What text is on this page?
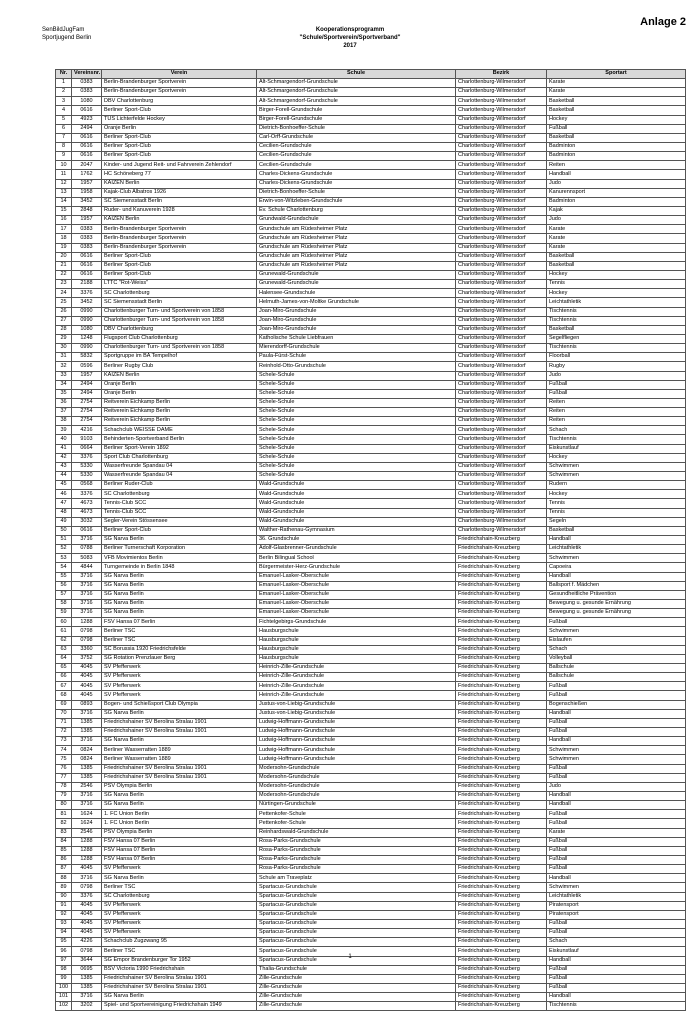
SenBildJugFam
Sportjugend Berlin
Kooperationsprogramm
"Schule/Sportverein/Sportverband"
2017
Anlage 2
Nr.	Vereinsnr.	Verein	Schule	Bezirk	Sportart
1	0383	Berlin-Brandenburger Sportverein	Alt-Schmargendorf-Grundschule	Charlottenburg-Wilmersdorf	Karate
2	0383	Berlin-Brandenburger Sportverein	Alt-Schmargendorf-Grundschule	Charlottenburg-Wilmersdorf	Karate
3	1080	DBV Charlottenburg	Alt-Schmargendorf-Grundschule	Charlottenburg-Wilmersdorf	Basketball
4	0616	Berliner Sport-Club	Birger-Forell-Grundschule	Charlottenburg-Wilmersdorf	Basketball
5	4923	TUS Lichterfelde Hockey	Birger-Forell-Grundschule	Charlottenburg-Wilmersdorf	Hockey
6	2494	Oranje Berlin	Dietrich-Bonhoeffer-Schule	Charlottenburg-Wilmersdorf	Fußball
7	0616	Berliner Sport-Club	Carl-Orff-Grundschule	Charlottenburg-Wilmersdorf	Basketball
8	0616	Berliner Sport-Club	Cecilien-Grundschule	Charlottenburg-Wilmersdorf	Badminton
9	0616	Berliner Sport-Club	Cecilien-Grundschule	Charlottenburg-Wilmersdorf	Badminton
10	2047	Kinder- und Jugend Reit- und Fahrverein Zehlendorf	Cecilien-Grundschule	Charlottenburg-Wilmersdorf	Reiten
11	1762	HC Schöneberg 77	Charles-Dickens-Grundschule	Charlottenburg-Wilmersdorf	Handball
12	1957	KAIZEN Berlin	Charles-Dickens-Grundschule	Charlottenburg-Wilmersdorf	Judo
13	1958	Kajak-Club Albatros 1926	Dietrich-Bonhoeffer-Schule	Charlottenburg-Wilmersdorf	Kanurennsport
14	3452	SC Siemensstadt Berlin	Erwin-von-Witzleben-Grundschule	Charlottenburg-Wilmersdorf	Badminton
15	2848	Ruder- und Kanuverein 1928	Ev. Schule Charlottenburg	Charlottenburg-Wilmersdorf	Kajak
16	1957	KAIZEN Berlin	Grundwald-Grundschule	Charlottenburg-Wilmersdorf	Judo
17	0383	Berlin-Brandenburger Sportverein	Grundschule am Rüdesheimer Platz	Charlottenburg-Wilmersdorf	Karate
18	0383	Berlin-Brandenburger Sportverein	Grundschule am Rüdesheimer Platz	Charlottenburg-Wilmersdorf	Karate
19	0383	Berlin-Brandenburger Sportverein	Grundschule am Rüdesheimer Platz	Charlottenburg-Wilmersdorf	Karate
20	0616	Berliner Sport-Club	Grundschule am Rüdesheimer Platz	Charlottenburg-Wilmersdorf	Basketball
21	0616	Berliner Sport-Club	Grundschule am Rüdesheimer Platz	Charlottenburg-Wilmersdorf	Basketball
22	0616	Berliner Sport-Club	Grunewald-Grundschule	Charlottenburg-Wilmersdorf	Hockey
23	2188	LTTC "Rot-Weiss"	Grunewald-Grundschule	Charlottenburg-Wilmersdorf	Tennis
24	3376	SC Charlottenburg	Halensee-Grundschule	Charlottenburg-Wilmersdorf	Hockey
25	3452	SC Siemensstadt Berlin	Helmuth-James-von-Moltke Grundschule	Charlottenburg-Wilmersdorf	Leichtathletik
26	0990	Charlottenburger Turn- und Sportverein von 1858	Joan-Miro-Grundschule	Charlottenburg-Wilmersdorf	Tischtennis
27	0990	Charlottenburger Turn- und Sportverein von 1858	Joan-Miro-Grundschule	Charlottenburg-Wilmersdorf	Tischtennis
28	1080	DBV Charlottenburg	Joan-Miro-Grundschule	Charlottenburg-Wilmersdorf	Basketball
29	1248	Flugsport Club Charlottenburg	Katholische Schule Liebfrauen	Charlottenburg-Wilmersdorf	Segelfliegen
30	0990	Charlottenburger Turn- und Sportverein von 1858	Mierendorff-Grundschule	Charlottenburg-Wilmersdorf	Tischtennis
31	5832	Sportgruppe im BA Tempelhof	Paula-Fürst-Schule	Charlottenburg-Wilmersdorf	Floorball
32	0596	Berliner Rugby Club	Reinhold-Otto-Grundschule	Charlottenburg-Wilmersdorf	Rugby
33	1957	KAIZEN Berlin	Schele-Schule	Charlottenburg-Wilmersdorf	Judo
34	2494	Oranje Berlin	Schele-Schule	Charlottenburg-Wilmersdorf	Fußball
35	2494	Oranje Berlin	Schele-Schule	Charlottenburg-Wilmersdorf	Fußball
36	2754	Reitverein Eichkamp Berlin	Schele-Schule	Charlottenburg-Wilmersdorf	Reiten
37	2754	Reitverein Eichkamp Berlin	Schele-Schule	Charlottenburg-Wilmersdorf	Reiten
38	2754	Reitverein Eichkamp Berlin	Schele-Schule	Charlottenburg-Wilmersdorf	Reiten
39	4216	Schachclub WEISSE DAME	Schele-Schule	Charlottenburg-Wilmersdorf	Schach
40	9103	Behinderten-Sportverband Berlin	Schele-Schule	Charlottenburg-Wilmersdorf	Tischtennis
41	0664	Berliner Sport-Verein 1892	Schele-Schule	Charlottenburg-Wilmersdorf	Eiskunstlauf
42	3376	Sport Club Charlottenburg	Schele-Schule	Charlottenburg-Wilmersdorf	Hockey
43	5330	Wasserfreunde Spandau 04	Schele-Schule	Charlottenburg-Wilmersdorf	Schwimmen
44	5330	Wasserfreunde Spandau 04	Schele-Schule	Charlottenburg-Wilmersdorf	Schwimmen
45	0568	Berliner Ruder-Club	Wald-Grundschule	Charlottenburg-Wilmersdorf	Rudern
46	3376	SC Charlottenburg	Wald-Grundschule	Charlottenburg-Wilmersdorf	Hockey
47	4673	Tennis-Club SCC	Wald-Grundschule	Charlottenburg-Wilmersdorf	Tennis
48	4673	Tennis-Club SCC	Wald-Grundschule	Charlottenburg-Wilmersdorf	Tennis
49	3032	Segler-Verein Stössensee	Wald-Grundschule	Charlottenburg-Wilmersdorf	Segeln
50	0616	Berliner Sport-Club	Walther-Rathenau-Gymnasium	Charlottenburg-Wilmersdorf	Basketball
51	3716	SG Narva Berlin	36. Grundschule	Friedrichshain-Kreuzberg	Handball
52	0788	Berliner Turnerschaft Korporation	Adolf-Glasbrenner-Grundschule	Friedrichshain-Kreuzberg	Leichtathletik
53	5083	VFB Movimientos Berlin	Berlin Bilingual School	Friedrichshain-Kreuzberg	Schwimmen
54	4844	Turngemeinde in Berlin 1848	Bürgermeister-Herz-Grundschule	Friedrichshain-Kreuzberg	Capoeira
55	3716	SG Narva Berlin	Emanuel-Lasker-Oberschule	Friedrichshain-Kreuzberg	Handball
56	3716	SG Narva Berlin	Emanuel-Lasker-Oberschule	Friedrichshain-Kreuzberg	Ballsport f. Mädchen
57	3716	SG Narva Berlin	Emanuel-Lasker-Oberschule	Friedrichshain-Kreuzberg	Gesundheitliche Prävention
58	3716	SG Narva Berlin	Emanuel-Lasker-Oberschule	Friedrichshain-Kreuzberg	Bewegung u. gesunde Ernährung
59	3716	SG Narva Berlin	Emanuel-Lasker-Oberschule	Friedrichshain-Kreuzberg	Bewegung u. gesunde Ernährung
60	1288	FSV Hansa 07 Berlin	Fichtelgebirgs-Grundschule	Friedrichshain-Kreuzberg	Fußball
61	0798	Berliner TSC	Hausburgschule	Friedrichshain-Kreuzberg	Schwimmen
62	0798	Berliner TSC	Hausburgschule	Friedrichshain-Kreuzberg	Eislaufen
63	3360	SC Borussia 1920 Friedrichsfelde	Hausburgschule	Friedrichshain-Kreuzberg	Schach
64	3752	SG Rotation Prenzlauer Berg	Hausburgschule	Friedrichshain-Kreuzberg	Volleyball
65	4045	SV Pfefferwerk	Heinrich-Zille-Grundschule	Friedrichshain-Kreuzberg	Ballschule
66	4045	SV Pfefferwerk	Heinrich-Zille-Grundschule	Friedrichshain-Kreuzberg	Ballschule
67	4045	SV Pfefferwerk	Heinrich-Zille-Grundschule	Friedrichshain-Kreuzberg	Fußball
68	4045	SV Pfefferwerk	Heinrich-Zille-Grundschule	Friedrichshain-Kreuzberg	Fußball
69	0893	Bogen- und Schießsport Club Olympia	Justus-von-Liebig-Grundschule	Friedrichshain-Kreuzberg	Bogenschießen
70	3716	SG Narva Berlin	Justus-von-Liebig-Grundschule	Friedrichshain-Kreuzberg	Handball
71	1385	Friedrichshainer SV Berolina Stralau 1901	Ludwig-Hoffmann-Grundschule	Friedrichshain-Kreuzberg	Fußball
72	1385	Friedrichshainer SV Berolina Stralau 1901	Ludwig-Hoffmann-Grundschule	Friedrichshain-Kreuzberg	Fußball
73	3716	SG Narva Berlin	Ludwig-Hoffmann-Grundschule	Friedrichshain-Kreuzberg	Handball
74	0824	Berliner Wasserratten 1889	Ludwig-Hoffmann-Grundschule	Friedrichshain-Kreuzberg	Schwimmen
75	0824	Berliner Wasserratten 1889	Ludwig-Hoffmann-Grundschule	Friedrichshain-Kreuzberg	Schwimmen
76	1385	Friedrichshainer SV Berolina Stralau 1901	Modersohn-Grundschule	Friedrichshain-Kreuzberg	Fußball
77	1385	Friedrichshainer SV Berolina Stralau 1901	Modersohn-Grundschule	Friedrichshain-Kreuzberg	Fußball
78	2546	PSV Olympia Berlin	Modersohn-Grundschule	Friedrichshain-Kreuzberg	Judo
79	3716	SG Narva Berlin	Modersohn-Grundschule	Friedrichshain-Kreuzberg	Handball
80	3716	SG Narva Berlin	Nürtingen-Grundschule	Friedrichshain-Kreuzberg	Handball
81	1624	1. FC Union Berlin	Pettenkofer-Schule	Friedrichshain-Kreuzberg	Fußball
82	1624	1. FC Union Berlin	Pettenkofer-Schule	Friedrichshain-Kreuzberg	Fußball
83	2546	PSV Olympia Berlin	Reinhardswald-Grundschule	Friedrichshain-Kreuzberg	Karate
84	1288	FSV Hansa 07 Berlin	Rosa-Parks-Grundschule	Friedrichshain-Kreuzberg	Fußball
85	1288	FSV Hansa 07 Berlin	Rosa-Parks-Grundschule	Friedrichshain-Kreuzberg	Fußball
86	1288	FSV Hansa 07 Berlin	Rosa-Parks-Grundschule	Friedrichshain-Kreuzberg	Fußball
87	4045	SV Pfefferwerk	Rosa-Parks-Grundschule	Friedrichshain-Kreuzberg	Fußball
88	3716	SG Narva Berlin	Schule am Traveplatz	Friedrichshain-Kreuzberg	Handball
89	0798	Berliner TSC	Spartacus-Grundschule	Friedrichshain-Kreuzberg	Schwimmen
90	3376	SC Charlottenburg	Spartacus-Grundschule	Friedrichshain-Kreuzberg	Leichtathletik
91	4045	SV Pfefferwerk	Spartacus-Grundschule	Friedrichshain-Kreuzberg	Piratensport
92	4045	SV Pfefferwerk	Spartacus-Grundschule	Friedrichshain-Kreuzberg	Piratensport
93	4045	SV Pfefferwerk	Spartacus-Grundschule	Friedrichshain-Kreuzberg	Fußball
94	4045	SV Pfefferwerk	Spartacus-Grundschule	Friedrichshain-Kreuzberg	Fußball
95	4226	Schachclub Zugzwang 95	Spartacus-Grundschule	Friedrichshain-Kreuzberg	Schach
96	0798	Berliner TSC	Spartacus-Grundschule	Friedrichshain-Kreuzberg	Eiskunstlauf
97	3644	SG Empor Brandenburger Tor 1952	Spartacus-Grundschule	Friedrichshain-Kreuzberg	Handball
98	0695	BSV Victoria 1990 Friedrichshain	Thalia-Grundschule	Friedrichshain-Kreuzberg	Fußball
99	1385	Friedrichshainer SV Berolina Stralau 1901	Zille-Grundschule	Friedrichshain-Kreuzberg	Fußball
100	1385	Friedrichshainer SV Berolina Stralau 1901	Zille-Grundschule	Friedrichshain-Kreuzberg	Fußball
101	3716	SG Narva Berlin	Zille-Grundschule	Friedrichshain-Kreuzberg	Handball
102	3202	Spiel- und Sportvereinigung Friedrichshain 1949	Zille-Grundschule	Friedrichshain-Kreuzberg	Tischtennis
1
